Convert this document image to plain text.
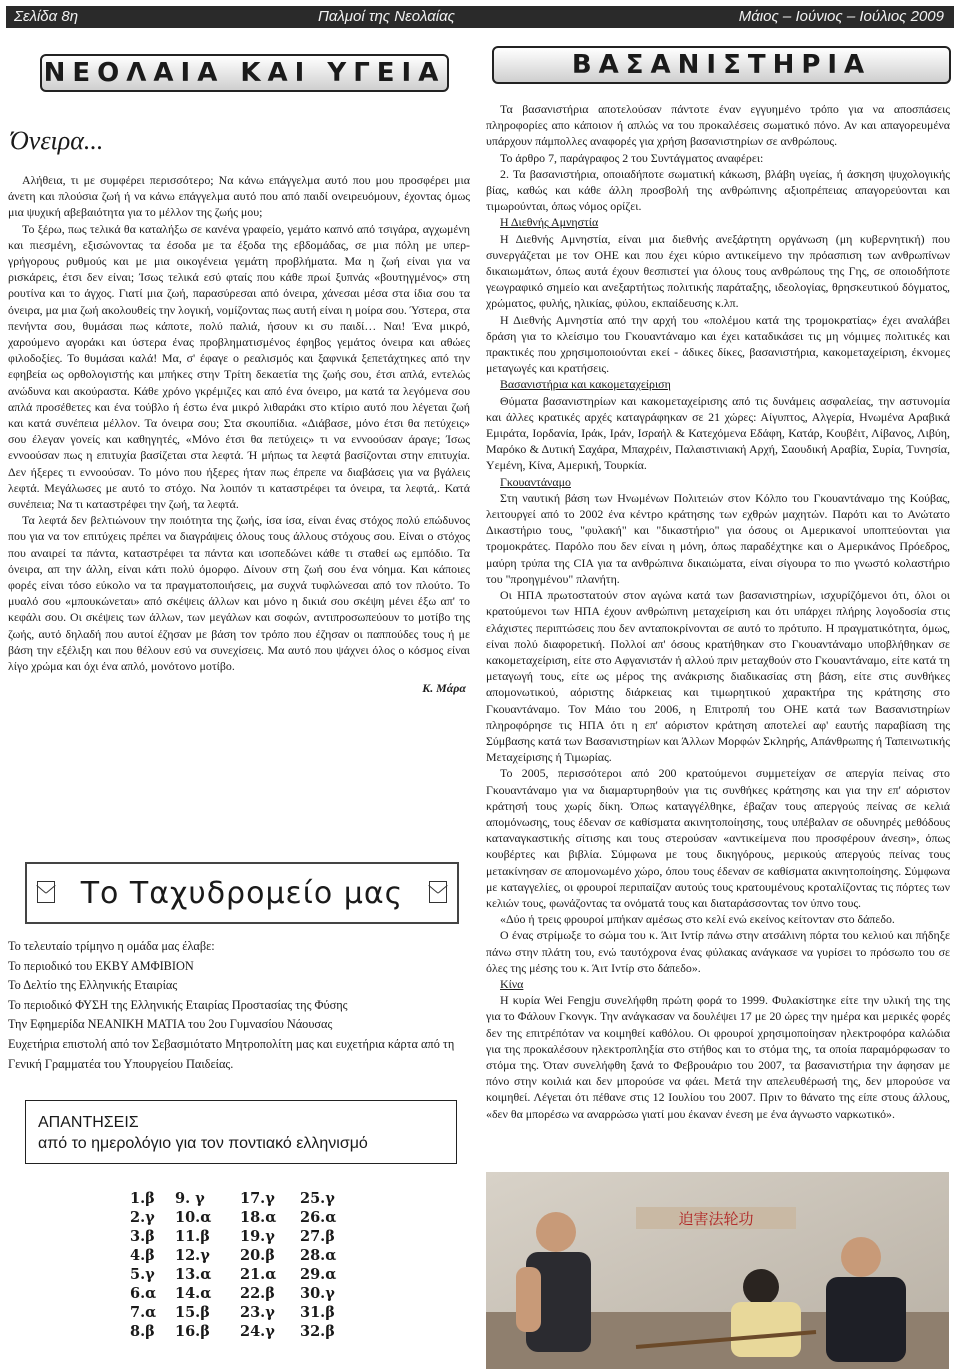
Σελίδα 8η	Παλμοί της Νεολαίας	Μάιος – Ιούνιος – Ιούλιος 2009
ΝΕΟΛΑΙΑ ΚΑΙ ΥΓΕΙΑ
Όνειρα...

Αλήθεια, τι με συμφέρει περισσότερο; Να κάνω επάγγελμα αυτό που μου προσφέρει μια άνετη και πλούσια ζωή ή να κάνω επάγγελμα αυτό που από παιδί ονειρευόμουν, έχοντας όμως μια ψυχική αβεβαιότητα για το μέλλον της ζωής μου;

Το ξέρω, πως τελικά θα καταλήξω σε κανένα γραφείο, γεμάτο καπνό από τσιγάρα, αγχωμένη και πιεσμένη, εξισώνοντας τα έσοδα με τα έξοδα της εβδομάδας, σε μια πόλη με υπερ-γρήγορους ρυθμούς και με μια οικογένεια γεμάτη προβλήματα. Μα η ζωή είναι για να ρισκάρεις, έτσι δεν είναι; Ίσως τελικά εσύ φταίς που κάθε πρωί ξυπνάς «βουτηγμένος» στη ρουτίνα και το άγχος. Γιατί μια ζωή, παρασύρεσαι από όνειρα, χάνεσαι μέσα στα ίδια σου τα όνειρα, μα μια ζωή ακολουθείς την λογική, νομίζοντας πως αυτή είναι η μοίρα σου. Ύστερα, στα πενήντα σου, θυμάσαι πως κάποτε, πολύ παλιά, ήσουν κι συ παιδί… Ναι! Ένα μικρό, χαρούμενο αγοράκι και ύστερα ένας προβληματισμένος έφηβος γεμάτος όνειρα και αθώες φιλοδοξίες. Το θυμάσαι καλά! Μα, σ' έφαγε ο ρεαλισμός και ξαφνικά ξεπετάχτηκες από την εφηβεία ως ορθολογιστής και μπήκες στην Τρίτη δεκαετία της ζωής σου, έτσι απλά, εντελώς ανώδυνα και ακούραστα. Κάθε χρόνο γκρέμιζες και από ένα όνειρο, μα κατά τα λεγόμενα σου απλά προσέθετες και ένα τούβλο ή έστω ένα μικρό λιθαράκι στο κτίριο αυτό που λέγεται ζωή και κατά συνέπεια μέλλον. Τα όνειρα σου; Στα σκουπίδια. «Διάβασε, μόνο έτσι θα πετύχεις» σου έλεγαν γονείς και καθηγητές, «Μόνο έτσι θα πετύχεις» τι να εννοούσαν άραγε; Ίσως εννοούσαν πως η επιτυχία βασίζεται στα λεφτά. Ή μήπως τα λεφτά βασίζονται στην επιτυχία. Δεν ήξερες τι εννοούσαν. Το μόνο που ήξερες ήταν πως έπρεπε να διαβάσεις για να βγάλεις λεφτά. Μεγάλωσες με αυτό το στόχο. Να λοιπόν τι καταστρέφει τα όνειρα, τα λεφτά,. Κατά συνέπεια; Να τι καταστρέφει την ζωή, τα λεφτά.

Τα λεφτά δεν βελτιώνουν την ποιότητα της ζωής, ίσα ίσα, είναι ένας στόχος πολύ επώδυνος που για να τον επιτύχεις πρέπει να διαγράψεις όλους τους άλλους στόχους σου. Είναι ο στόχος που αναιρεί τα πάντα, καταστρέφει τα πάντα και ισοπεδώνει κάθε τι σταθεί ως εμπόδιο. Τα όνειρα, απ την άλλη, είναι κάτι πολύ όμορφο. Δίνουν στη ζωή σου ένα νόημα. Και κάποιες φορές είναι τόσο εύκολο να τα πραγματοποιήσεις, μα συχνά τυφλώνεσαι από τον πλούτο. Το μυαλό σου «μπουκώνεται» από σκέψεις άλλων και μόνο η δικιά σου σκέψη μένει έξω απ' το κεφάλι σου. Οι σκέψεις των άλλων, των μεγάλων και σοφών, αντιπροσωπεύουν το μοτίβο της ζωής, αυτό δηλαδή που αυτοί έζησαν με βάση τον τρόπο που έζησαν οι παππούδες τους ή με βάση την εξέλιξη και που θέλουν εσύ να συνεχίσεις. Μα αυτό που ψάχνει όλος ο κόσμος είναι λίγο χρώμα και όχι ένα απλό, μονότονο μοτίβο.

Κ. Μάρα
Το Ταχυδρομείο μας
Το τελευταίο τρίμηνο η ομάδα μας έλαβε:
Το περιοδικό του ΕΚΒΥ ΑΜΦΙΒΙΟΝ
Το Δελτίο της Ελληνικής Εταιρίας
Το περιοδικό ΦΥΣΗ της Ελληνικής Εταιρίας Προστασίας της Φύσης
Την Εφημερίδα ΝΕΑΝΙΚΗ ΜΑΤΙΑ του 2ου Γυμνασίου Νάουσας
Ευχετήρια επιστολή από τον Σεβασμιότατο Μητροπολίτη μας και ευχετήρια κάρτα από τη Γενική Γραμματέα του Υπουργείου Παιδείας.
ΑΠΑΝΤΗΣΕΙΣ
από το ημερολόγιο για τον ποντιακό ελληνισμό
1.β 9. γ 17.γ 25.γ
2.γ 10.α 18.α 26.α
3.β 11.β 19.γ 27.β
4.β 12.γ 20.β 28.α
5.γ 13.α 21.α 29.α
6.α 14.α 22.β 30.γ
7.α 15.β 23.γ 31.β
8.β 16.β 24.γ 32.β
ΒΑΣΑΝΙΣΤΗΡΙΑ

Τα βασανιστήρια αποτελούσαν πάντοτε έναν εγγυημένο τρόπο για να αποσπάσεις πληροφορίες απο κάποιον ή απλώς να του προκαλέσεις σωματικό πόνο. Αν και απαγορευμένα υπάρχουν πάμπολλες αναφορές για χρήση βασανιστηρίων σε ανθρώπους.

Το άρθρο 7, παράγραφος 2 του Συντάγματος αναφέρει:

2. Τα βασανιστήρια, οποιαδήποτε σωματική κάκωση, βλάβη υγείας, ή άσκηση ψυχολογικής βίας, καθώς και κάθε άλλη προσβολή της ανθρώπινης αξιοπρέπειας απαγορεύονται και τιμωρούνται, όπως νόμος ορίζει.

Η Διεθνής Αμνηστία

Η Διεθνής Αμνηστία, είναι μια διεθνής ανεξάρτητη οργάνωση (μη κυβερνητική) που συνεργάζεται με τον ΟΗΕ και που έχει κύριο αντικείμενο την πρόασπιση των ανθρωπίνων δικαιωμάτων, όπως αυτά έχουν θεσπιστεί για όλους τους ανθρώπους της Γης, σε οποιοδήποτε γεωγραφικό σημείο και ανεξαρτήτως πολιτικής παράταξης, ιδεολογίας, θρησκευτικού δόγματος, χρώματος, φυλής, ηλικίας, φύλου, εκπαίδευσης κ.λπ.

Η Διεθνής Αμνηστία από την αρχή του «πολέμου κατά της τρομοκρατίας» έχει αναλάβει δράση για το κλείσιμο του Γκουαντάναμο και έχει καταδικάσει τις μη νόμιμες πολιτικές και πρακτικές που χρησιμοποιούνται εκεί - άδικες δίκες, βασανιστήρια, κακομεταχείριση, έκνομες μεταγωγές και κρατήσεις.

Βασανιστήρια και κακομεταχείριση

Θύματα βασανιστηρίων και κακομεταχείρισης από τις δυνάμεις ασφαλείας, την αστυνομία και άλλες κρατικές αρχές καταγράφηκαν σε 21 χώρες: Αίγυπτος, Αλγερία, Ηνωμένα Αραβικά Εμιράτα, Ιορδανία, Ιράκ, Ιράν, Ισραήλ & Κατεχόμενα Εδάφη, Κατάρ, Κουβέιτ, Λίβανος, Λιβύη, Μαρόκο & Δυτική Σαχάρα, Μπαχρέιν, Παλαιστινιακή Αρχή, Σαουδική Αραβία, Συρία, Τυνησία, Υεμένη, Κίνα, Αμερική, Τουρκία.

Γκουαντάναμο

Στη ναυτική βάση των Ηνωμένων Πολιτειών στον Κόλπο του Γκουαντάναμο της Κούβας, λειτουργεί από το 2002 ένα κέντρο κράτησης των εχθρών μαχητών. Παρότι και το Ανώτατο Δικαστήριο τους, "φυλακή" και "δικαστήριο" για όσους οι Αμερικανοί υποπτεύονται για τρομοκράτες. Παρόλο που δεν είναι η μόνη, όπως παραδέχτηκε και ο Αμερικάνος Πρόεδρος, μαύρη τρύπα της CIA για τα ανθρώπινα δικαιώματα, είναι σίγουρα το πιο γνωστό κολαστήριο του "προηγμένου" πλανήτη.

Οι ΗΠΑ πρωτοστατούν στον αγώνα κατά των βασανιστηρίων, ισχυρίζόμενοι ότι, όλοι οι κρατούμενοι των ΗΠΑ έχουν ανθρώπινη μεταχείριση και ότι υπάρχει πλήρης λογοδοσία στις ελάχιστες περιπτώσεις που δεν ανταποκρίνονται σε αυτό το πρότυπο. Η πραγματικότητα, όμως, είναι πολύ διαφορετική. Πολλοί απ' όσους κρατήθηκαν στο Γκουαντάναμο υποβλήθηκαν σε κακομεταχείριση, είτε στο Αφγανιστάν ή αλλού πριν μεταχθούν στο Γκουαντάναμο, είτε κατά τη μεταγωγή τους, είτε ως μέρος της ανάκρισης διαδικασίας στη βάση, είτε στις συνθήκες απομονωτικού, αόριστης διάρκειας και τιμωρητικού χαρακτήρα της κράτησης στο Γκουαντάναμο. Τον Μάιο του 2006, η Επιτροπή του ΟΗΕ κατά των Βασανιστηρίων πληροφόρησε τις ΗΠΑ ότι η επ' αόριστον κράτηση αποτελεί αφ' εαυτής παραβίαση της Σύμβασης κατά των Βασανιστηρίων και Άλλων Μορφών Σκληρής, Απάνθρωπης ή Ταπεινωτικής Μεταχείρισης ή Τιμωρίας.

Το 2005, περισσότεροι από 200 κρατούμενοι συμμετείχαν σε απεργία πείνας στο Γκουαντάναμο για να διαμαρτυρηθούν για τις συνθήκες κράτησης και για την επ' αόριστον κράτησή τους χωρίς δίκη. Όπως καταγγέλθηκε, έβαζαν τους απεργούς πείνας σε κελιά απομόνωσης, τους έδεναν σε καθίσματα ακινητοποίησης, τους υπέβαλαν σε οδυνηρές μεθόδους καταναγκαστικής σίτισης και τους στερούσαν «αντικείμενα που προσφέρουν άνεση», όπως κουβέρτες και βιβλία. Σύμφωνα με τους δικηγόρους, μερικούς απεργούς πείνας τους μετακίνησαν σε απομονωμένο χώρο, όπου τους έδεναν σε καθίσματα ακινητοποίησης. Σύμφωνα με καταγγελίες, οι φρουροί περιπαίζαν αυτούς τους κρατουμένους κροταλίζοντας τις πόρτες των κελιών τους, φωνάζοντας τα ονόματά τους και διαταράσσοντας τον ύπνο τους.

«Δύο ή τρεις φρουροί μπήκαν αμέσως στο κελί ενώ εκείνος κείτονταν στο δάπεδο.

Ο ένας στρίμωξε το σώμα του κ. Άιτ Ιντίρ πάνω στην ατσάλινη πόρτα του κελιού και πήδηξε πάνω στην πλάτη του, ενώ ταυτόχρονα ένας φύλακας ανάγκασε να γυρίσει το πρόσωπο του σε όλες της μέσης του κ. Άιτ Ιντίρ στο δάπεδο».

Κίνα

Η κυρία Wei Fengju συνελήφθη πρώτη φορά το 1999. Φυλακίστηκε είτε την υλική της της για το Φάλουν Γκονγκ. Την ανάγκασαν να δουλέψει 17 με 20 ώρες την ημέρα και μερικές φορές δεν της επιτρέπόταν να κοιμηθεί καθόλου. Οι φρουροί χρησιμοποίησαν ηλεκτροφόρα καλώδια για της προκαλέσουν ηλεκτροπληξία στο στήθος και το στόμα της, τα οποία παραμόρφωσαν το στόμα της. Όταν συνελήφθη ξανά το Φεβρουάριο του 2007, τα βασανιστήρια την άφησαν με πόνο στην κοιλιά και δεν μπορούσε να φάει. Μετά την απελευθέρωσή της, δεν μπορούσε να κοιμηθεί. Λέγεται ότι πέθανε στις 12 Ιουλίου του 2007. Πριν το θάνατο της είπε στους άλλους, «δεν θα μπορέσω να αναρρώσω γιατί μου έκαναν ένεση με ένα άγνωστο ναρκωτικό».

迫害法轮功
